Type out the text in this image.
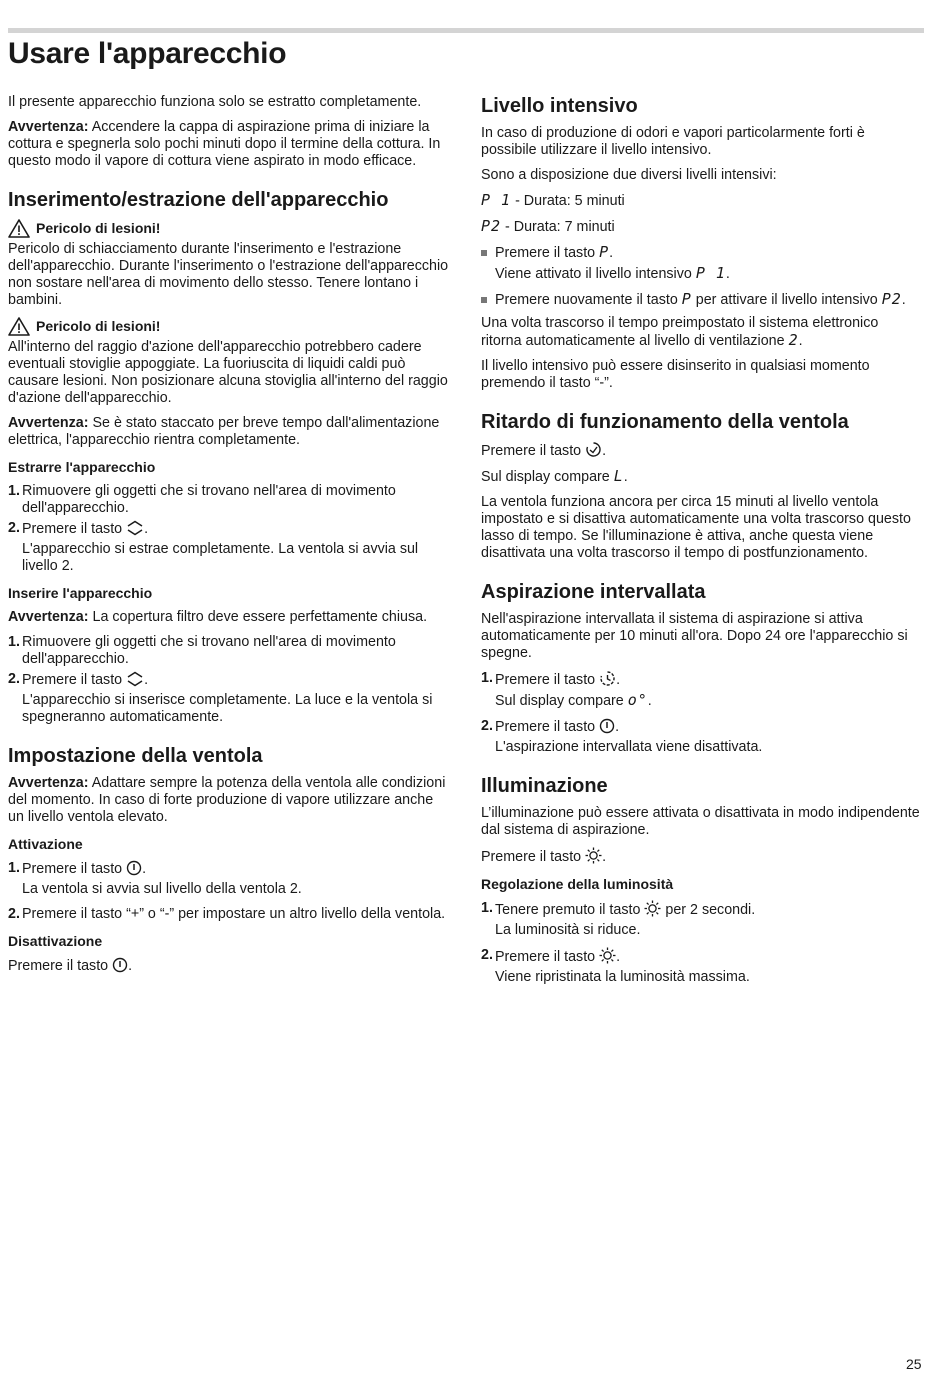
Usare l'apparecchio

Il presente apparecchio funziona solo se estratto completamente.

Avvertenza: Accendere la cappa di aspirazione prima di iniziare la cottura e spegnerla solo pochi minuti dopo il termine della cottura. In questo modo il vapore di cottura viene aspirato in modo efficace.

Inserimento/estrazione dell'apparecchio
Pericolo di lesioni!

Pericolo di schiacciamento durante l'inserimento e l'estrazione dell'apparecchio. Durante l'inserimento o l'estrazione dell'apparecchio non sostare nell'area di movimento dello stesso. Tenere lontano i bambini.

Pericolo di lesioni!

All'interno del raggio d'azione dell'apparecchio potrebbero cadere eventuali stoviglie appoggiate. La fuoriuscita di liquidi caldi può causare lesioni. Non posizionare alcuna stoviglia all'interno del raggio d'azione dell'apparecchio.

Avvertenza: Se è stato staccato per breve tempo dall'alimentazione elettrica, l'apparecchio rientra completamente.

Estrarre l'apparecchio
1. Rimuovere gli oggetti che si trovano nell'area di movimento dell'apparecchio.
2. Premere il tasto .

L'apparecchio si estrae completamente. La ventola si avvia sul livello 2.

Inserire l'apparecchio

Avvertenza: La copertura filtro deve essere perfettamente chiusa.

1. Rimuovere gli oggetti che si trovano nell'area di movimento dell'apparecchio.
2. Premere il tasto .

L'apparecchio si inserisce completamente. La luce e la ventola si spegneranno automaticamente.

Impostazione della ventola

Avvertenza: Adattare sempre la potenza della ventola alle condizioni del momento. In caso di forte produzione di vapore utilizzare anche un livello ventola elevato.

Attivazione
1. Premere il tasto .

La ventola si avvia sul livello della ventola 2.

2. Premere il tasto “+” o “-” per impostare un altro livello della ventola.
Disattivazione

Premere il tasto .

Livello intensivo

In caso di produzione di odori e vapori particolarmente forti è possibile utilizzare il livello intensivo.

Sono a disposizione due diversi livelli intensivi:

P 1 - Durata: 5 minuti

P2 - Durata: 7 minuti

Premere il tasto P.

Viene attivato il livello intensivo P 1.

Premere nuovamente il tasto P per attivare il livello intensivo P2.

Una volta trascorso il tempo preimpostato il sistema elettronico ritorna automaticamente al livello di ventilazione 2.

Il livello intensivo può essere disinserito in qualsiasi momento premendo il tasto “-”.

Ritardo di funzionamento della ventola

Premere il tasto .

Sul display compare L.

La ventola funziona ancora per circa 15 minuti al livello ventola impostato e si disattiva automaticamente una volta trascorso questo lasso di tempo. Se l'illuminazione è attiva, anche questa viene disattivata una volta trascorso il tempo di postfunzionamento.

Aspirazione intervallata

Nell'aspirazione intervallata il sistema di aspirazione si attiva automaticamente per 10 minuti all'ora. Dopo 24 ore l'apparecchio si spegne.

1. Premere il tasto .

Sul display compare o°.

2. Premere il tasto .

L'aspirazione intervallata viene disattivata.

Illuminazione

L’illuminazione può essere attivata o disattivata in modo indipendente dal sistema di aspirazione.

Premere il tasto .

Regolazione della luminosità
1. Tenere premuto il tasto  per 2 secondi.

La luminosità si riduce.

2. Premere il tasto .

Viene ripristinata la luminosità massima.

25
